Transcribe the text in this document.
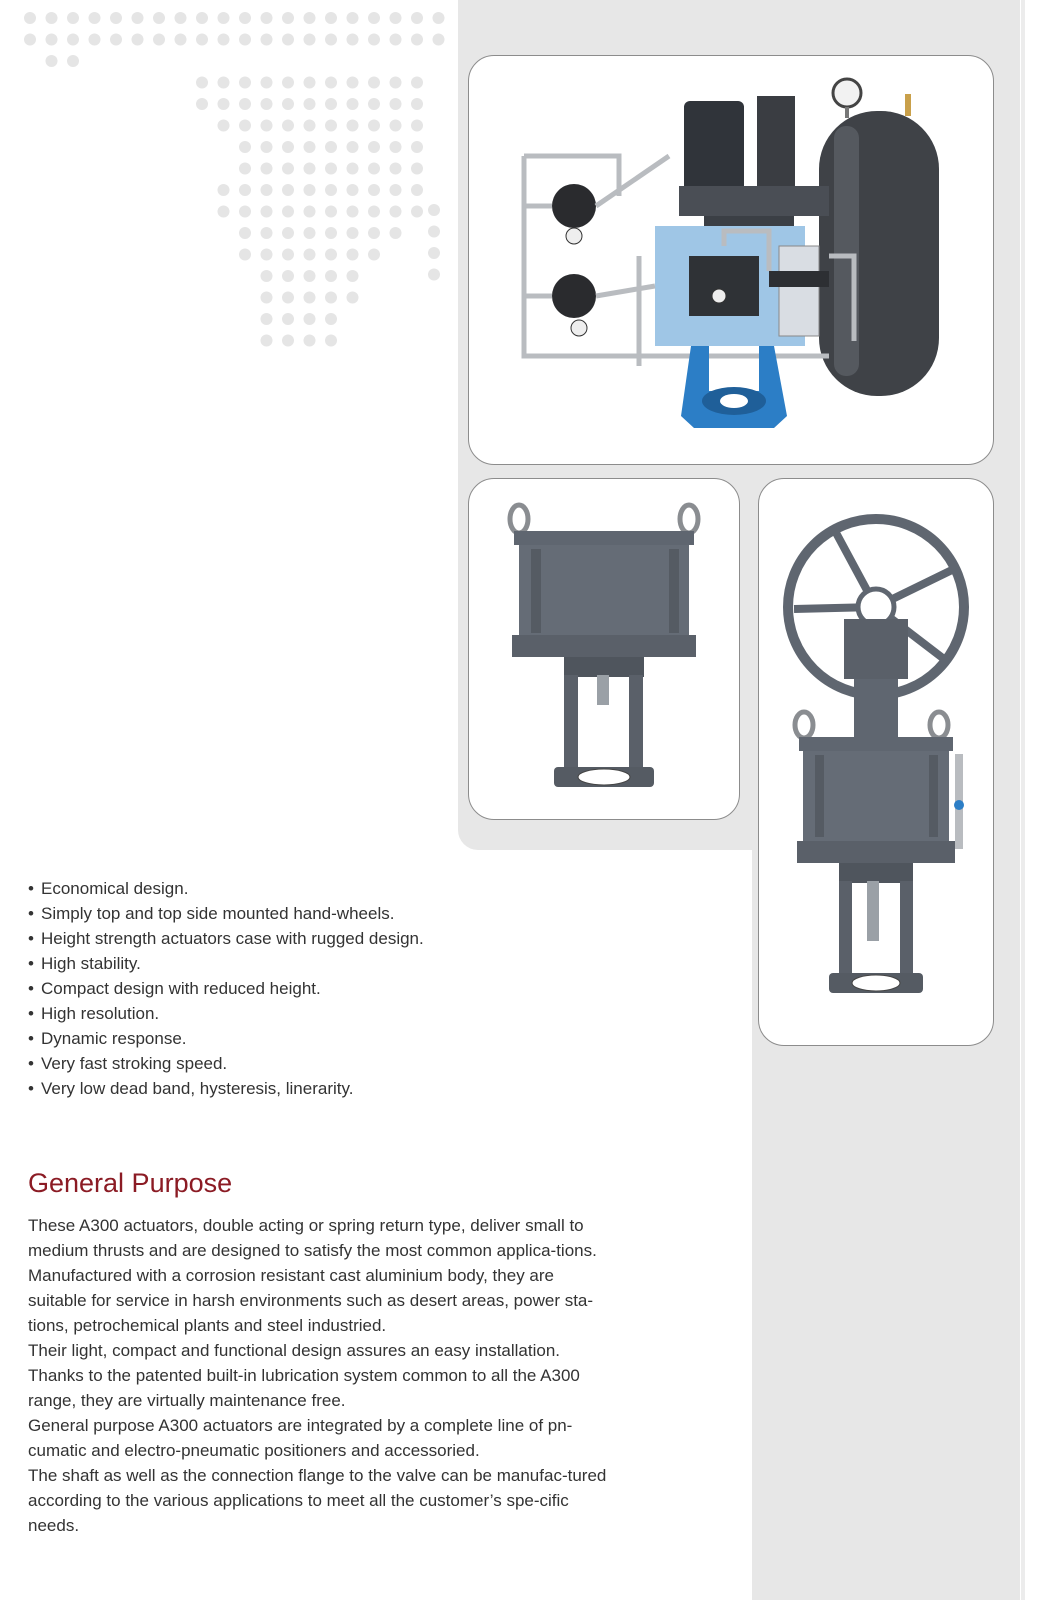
• Economical design.
• Simply top and top side mounted hand-wheels.
• Height strength actuators case with rugged design.
• High stability.
• Compact design with reduced height.
• High resolution.
• Dynamic response.
• Very fast stroking speed.
• Very low dead band, hysteresis, linerarity.
General Purpose

These A300 actuators, double acting or spring return type, deliver small to medium thrusts and are designed to satisfy the most common applica-tions.

Manufactured with a corrosion resistant cast aluminium body, they are suitable for service in harsh environments such as desert areas, power sta-tions, petrochemical plants and steel industried.

Their light, compact and functional design assures an easy installation.

Thanks to the patented built-in lubrication system common to all the A300 range, they are virtually maintenance free.

General purpose A300 actuators are integrated by a complete line of pn-cumatic and electro-pneumatic positioners and accessoried.

The shaft as well as the connection flange to the valve can be manufac-tured according to the various applications to meet all the customer’s spe-cific needs.
